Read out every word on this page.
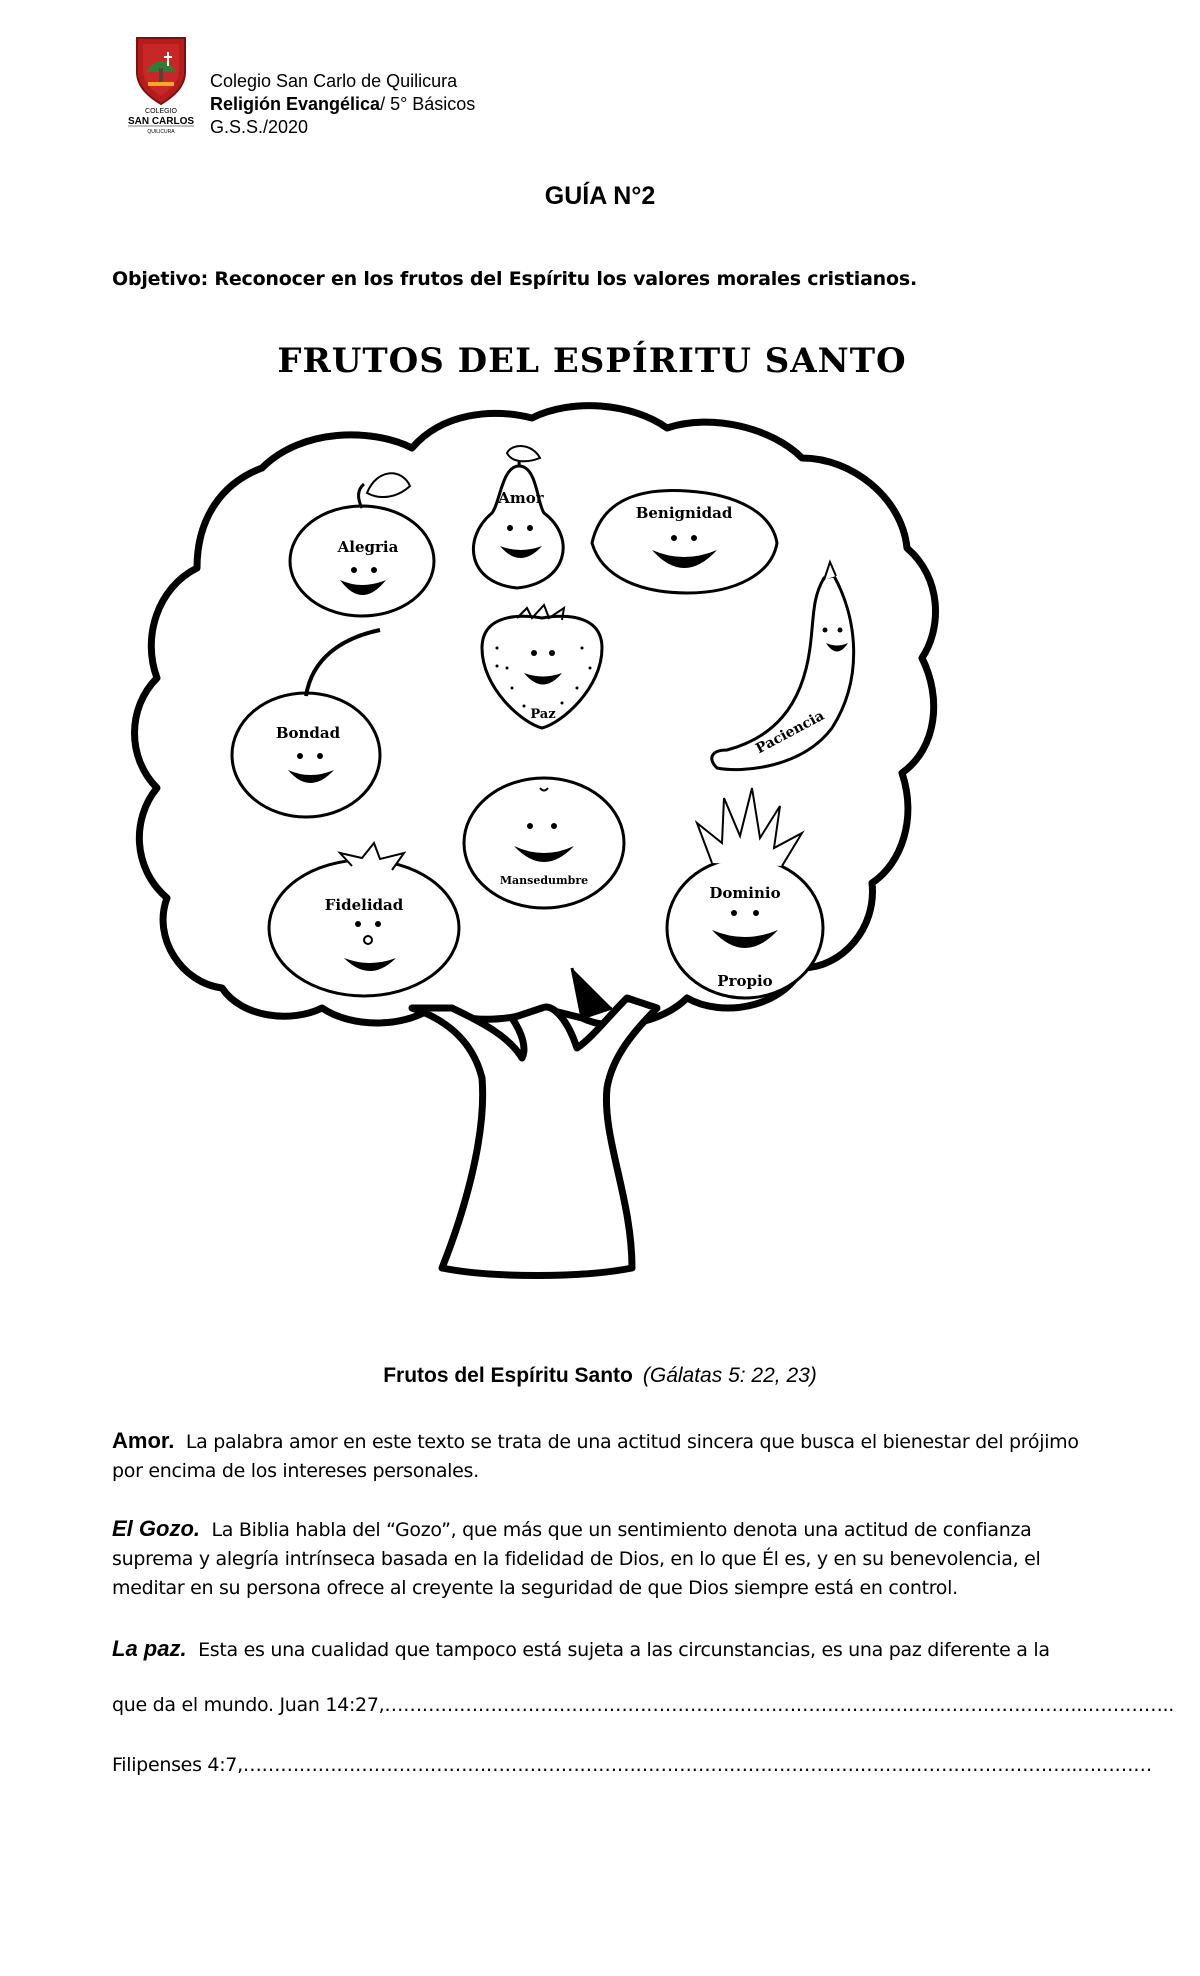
COLEGIO
SAN CARLOS
QUILICURA
Colegio San Carlo de Quilicura
Religión Evangélica/ 5° Básicos
G.S.S./2020
GUÍA N°2
Objetivo: Reconocer en los frutos del Espíritu los valores morales cristianos.
FRUTOS DEL ESPÍRITU SANTO
Alegria
Amor
Benignidad
Paz
Bondad	Paciencia
Mansedumbre
Fidelidad
Dominio
Propio
Frutos del Espíritu Santo (Gálatas 5: 22, 23)
Amor. La palabra amor en este texto se trata de una actitud sincera que busca el bienestar del prójimo por encima de los intereses personales.
El Gozo. La Biblia habla del “Gozo”, que más que un sentimiento denota una actitud de confianza suprema y alegría intrínseca basada en la fidelidad de Dios, en lo que Él es, y en su benevolencia, el meditar en su persona ofrece al creyente la seguridad de que Dios siempre está en control.
La paz. Esta es una cualidad que tampoco está sujeta a las circunstancias, es una paz diferente a la
que da el mundo. Juan 14:27,…………………………………………………………………………………………………..…………..
Filipenses 4:7,……………………………………………………………………………………………………………………..…………
